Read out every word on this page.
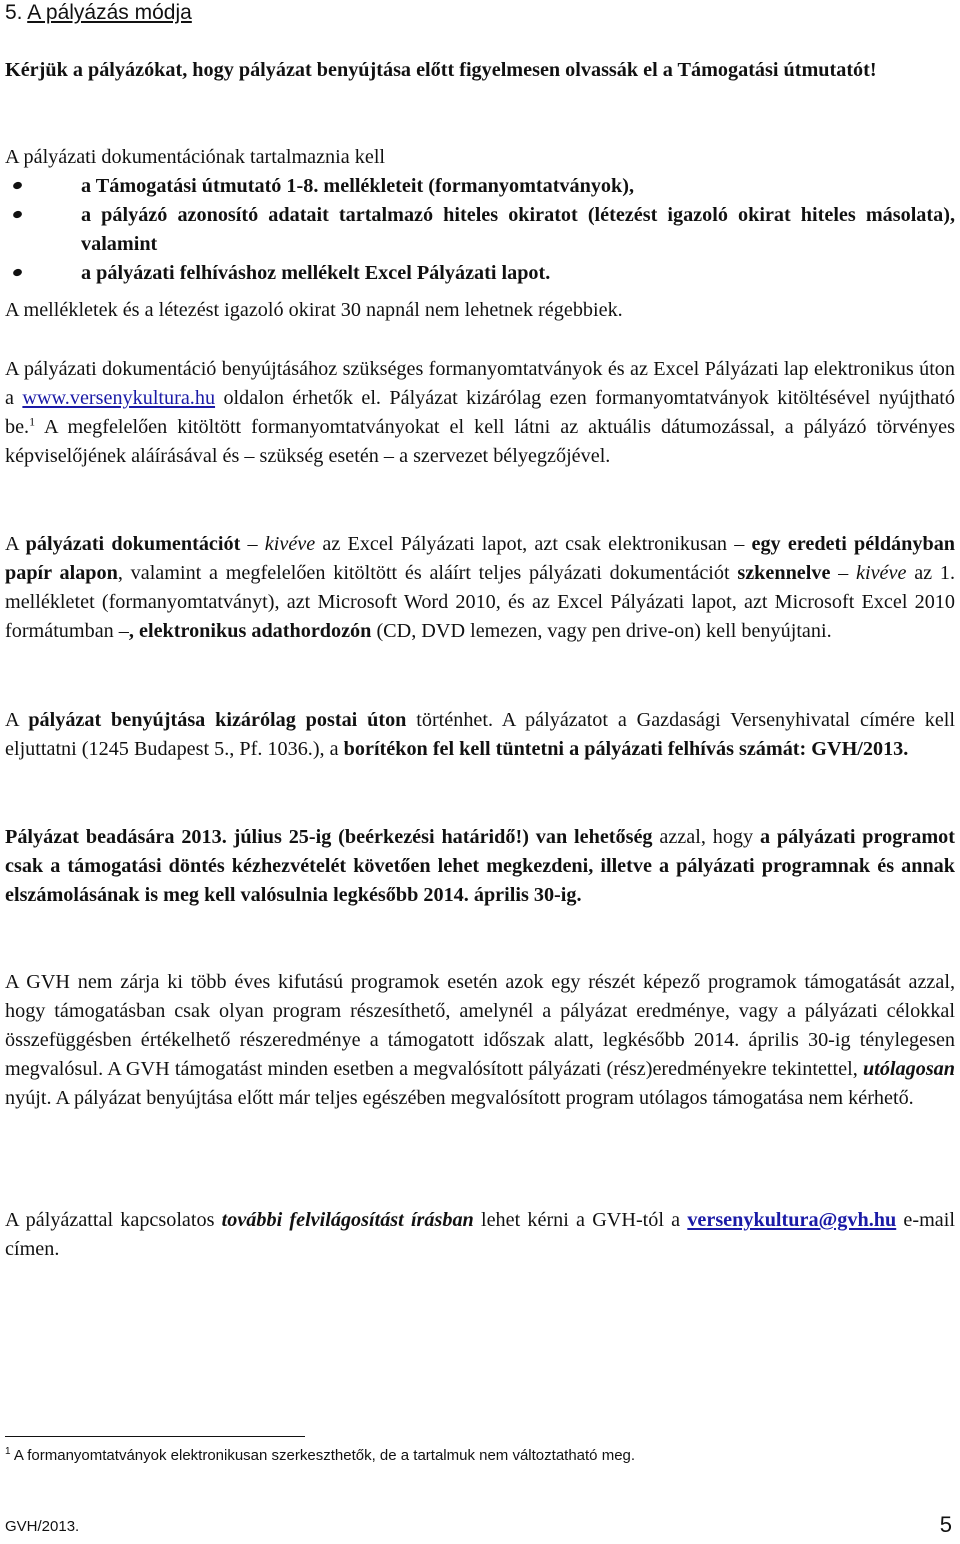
5. A pályázás módja

Kérjük a pályázókat, hogy pályázat benyújtása előtt figyelmesen olvassák el a Támogatási útmutatót!

A pályázati dokumentációnak tartalmaznia kell

a Támogatási útmutató 1-8. mellékleteit (formanyomtatványok),
a pályázó azonosító adatait tartalmazó hiteles okiratot (létezést igazoló okirat hiteles másolata), valamint
a pályázati felhíváshoz mellékelt Excel Pályázati lapot.

A mellékletek és a létezést igazoló okirat 30 napnál nem lehetnek régebbiek.

A pályázati dokumentáció benyújtásához szükséges formanyomtatványok és az Excel Pályázati lap elektronikus úton a www.versenykultura.hu oldalon érhetők el. Pályázat kizárólag ezen formanyomtatványok kitöltésével nyújtható be.$^1$ A megfelelően kitöltött formanyomtatványokat el kell látni az aktuális dátumozással, a pályázó törvényes képviselőjének aláírásával és – szükség esetén – a szervezet bélyegzőjével.

A pályázati dokumentációt – kivéve az Excel Pályázati lapot, azt csak elektronikusan – egy eredeti példányban papír alapon, valamint a megfelelően kitöltött és aláírt teljes pályázati dokumentációt szkennelve – kivéve az 1. mellékletet (formanyomtatványt), azt Microsoft Word 2010, és az Excel Pályázati lapot, azt Microsoft Excel 2010 formátumban –, elektronikus adathordozón (CD, DVD lemezen, vagy pen drive-on) kell benyújtani.

A pályázat benyújtása kizárólag postai úton történhet. A pályázatot a Gazdasági Versenyhivatal címére kell eljuttatni (1245 Budapest 5., Pf. 1036.), a borítékon fel kell tüntetni a pályázati felhívás számát: GVH/2013.

Pályázat beadására 2013. július 25-ig (beérkezési határidő!) van lehetőség azzal, hogy a pályázati programot csak a támogatási döntés kézhezvételét követően lehet megkezdeni, illetve a pályázati programnak és annak elszámolásának is meg kell valósulnia legkésőbb 2014. április 30-ig.

A GVH nem zárja ki több éves kifutású programok esetén azok egy részét képező programok támogatását azzal, hogy támogatásban csak olyan program részesíthető, amelynél a pályázat eredménye, vagy a pályázati célokkal összefüggésben értékelhető részeredménye a támogatott időszak alatt, legkésőbb 2014. április 30-ig ténylegesen megvalósul. A GVH támogatást minden esetben a megvalósított pályázati (rész)eredményekre tekintettel, utólagosan nyújt. A pályázat benyújtása előtt már teljes egészében megvalósított program utólagos támogatása nem kérhető.

A pályázattal kapcsolatos további felvilágosítást írásban lehet kérni a GVH-tól a versenykultura@gvh.hu e-mail címen.

$^1$ A formanyomtatványok elektronikusan szerkeszthetők, de a tartalmuk nem változtatható meg.
GVH/2013.	5
